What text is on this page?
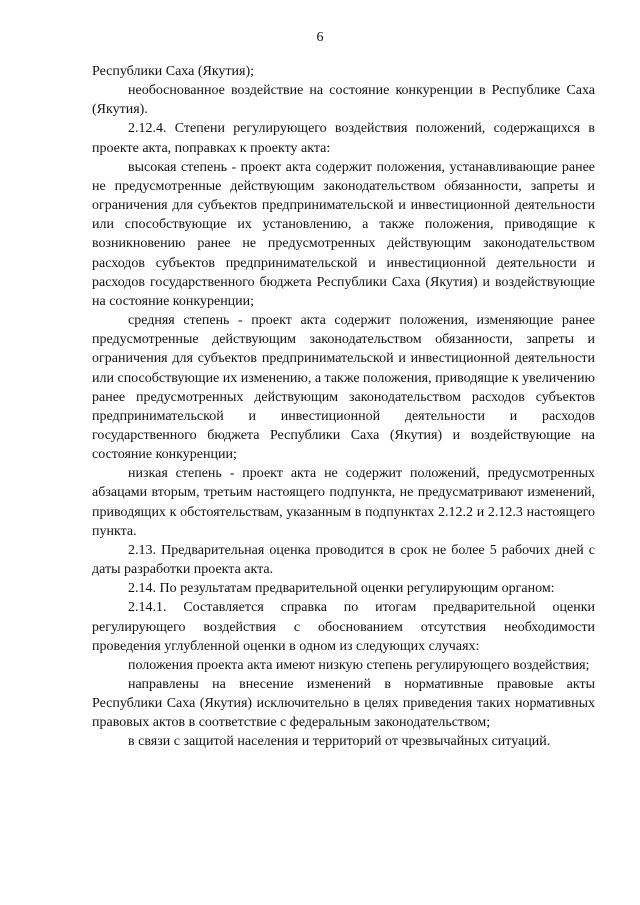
6

Республики Саха (Якутия);

необоснованное воздействие на состояние конкуренции в Республике Саха (Якутия).

2.12.4. Степени регулирующего воздействия положений, содержащихся в проекте акта, поправках к проекту акта:

высокая степень - проект акта содержит положения, устанавливающие ранее не предусмотренные действующим законодательством обязанности, запреты и ограничения для субъектов предпринимательской и инвестиционной деятельности или способствующие их установлению, а также положения, приводящие к возникновению ранее не предусмотренных действующим законодательством расходов субъектов предпринимательской и инвестиционной деятельности и расходов государственного бюджета Республики Саха (Якутия) и воздействующие на состояние конкуренции;

средняя степень - проект акта содержит положения, изменяющие ранее предусмотренные действующим законодательством обязанности, запреты и ограничения для субъектов предпринимательской и инвестиционной деятельности или способствующие их изменению, а также положения, приводящие к увеличению ранее предусмотренных действующим законодательством расходов субъектов предпринимательской и инвестиционной деятельности и расходов государственного бюджета Республики Саха (Якутия) и воздействующие на состояние конкуренции;

низкая степень - проект акта не содержит положений, предусмотренных абзацами вторым, третьим настоящего подпункта, не предусматривают изменений, приводящих к обстоятельствам, указанным в подпунктах 2.12.2 и 2.12.3 настоящего пункта.

2.13. Предварительная оценка проводится в срок не более 5 рабочих дней с даты разработки проекта акта.

2.14. По результатам предварительной оценки регулирующим органом:

2.14.1. Составляется справка по итогам предварительной оценки регулирующего воздействия с обоснованием отсутствия необходимости проведения углубленной оценки в одном из следующих случаях:

положения проекта акта имеют низкую степень регулирующего воздействия;

направлены на внесение изменений в нормативные правовые акты Республики Саха (Якутия) исключительно в целях приведения таких нормативных правовых актов в соответствие с федеральным законодательством;

в связи с защитой населения и территорий от чрезвычайных ситуаций.
